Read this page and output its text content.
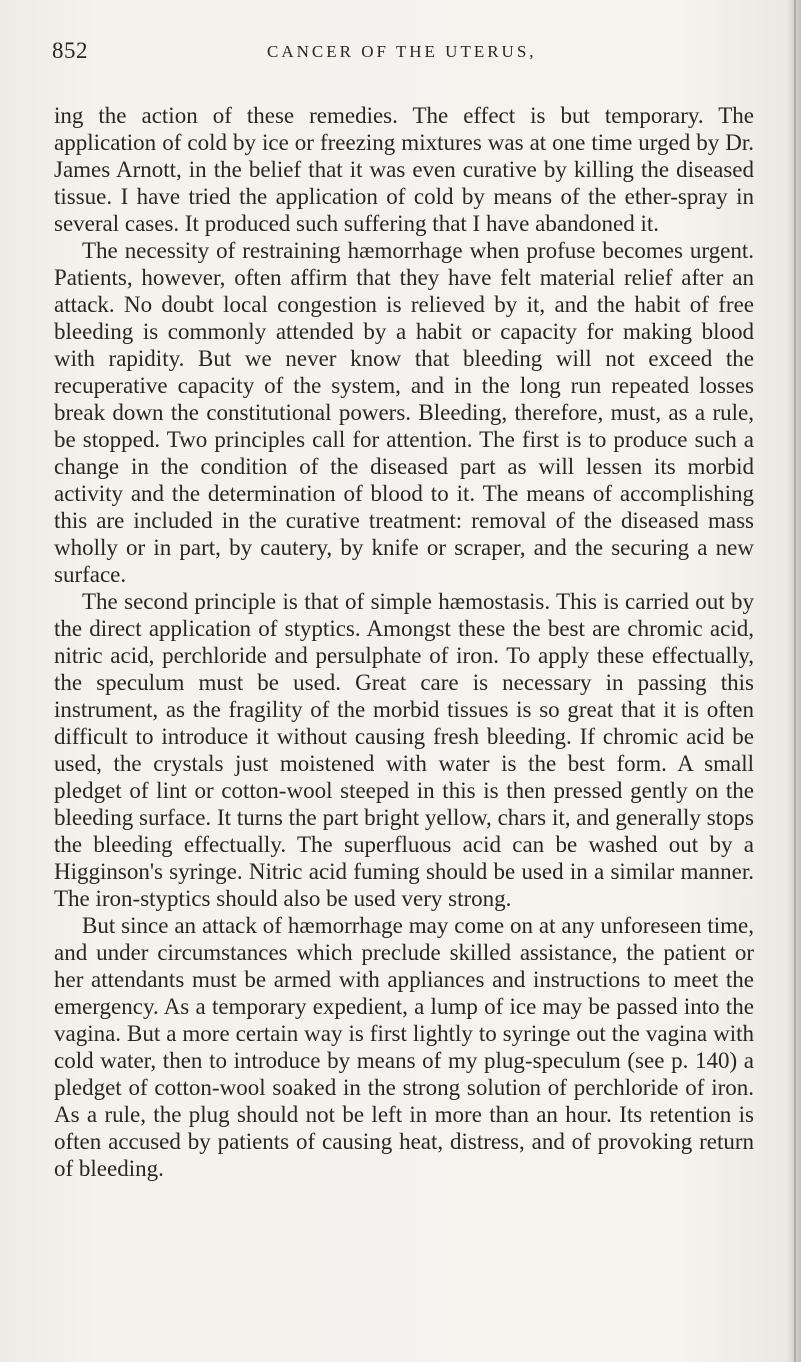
852	CANCER OF THE UTERUS,

ing the action of these remedies. The effect is but temporary. The application of cold by ice or freezing mixtures was at one time urged by Dr. James Arnott, in the belief that it was even curative by killing the diseased tissue. I have tried the application of cold by means of the ether-spray in several cases. It produced such suffering that I have abandoned it.

The necessity of restraining hæmorrhage when profuse becomes urgent. Patients, however, often affirm that they have felt material relief after an attack. No doubt local congestion is relieved by it, and the habit of free bleeding is commonly attended by a habit or capacity for making blood with rapidity. But we never know that bleeding will not exceed the recuperative capacity of the system, and in the long run repeated losses break down the constitutional powers. Bleeding, therefore, must, as a rule, be stopped. Two principles call for attention. The first is to produce such a change in the condition of the diseased part as will lessen its morbid activity and the determination of blood to it. The means of accomplishing this are included in the curative treatment: removal of the diseased mass wholly or in part, by cautery, by knife or scraper, and the securing a new surface.

The second principle is that of simple hæmostasis. This is carried out by the direct application of styptics. Amongst these the best are chromic acid, nitric acid, perchloride and persulphate of iron. To apply these effectually, the speculum must be used. Great care is necessary in passing this instrument, as the fragility of the morbid tissues is so great that it is often difficult to introduce it without causing fresh bleeding. If chromic acid be used, the crystals just moistened with water is the best form. A small pledget of lint or cotton-wool steeped in this is then pressed gently on the bleeding surface. It turns the part bright yellow, chars it, and generally stops the bleeding effectually. The superfluous acid can be washed out by a Higginson's syringe. Nitric acid fuming should be used in a similar manner. The iron-styptics should also be used very strong.

But since an attack of hæmorrhage may come on at any unforeseen time, and under circumstances which preclude skilled assistance, the patient or her attendants must be armed with appliances and instructions to meet the emergency. As a temporary expedient, a lump of ice may be passed into the vagina. But a more certain way is first lightly to syringe out the vagina with cold water, then to introduce by means of my plug-speculum (see p. 140) a pledget of cotton-wool soaked in the strong solution of perchloride of iron. As a rule, the plug should not be left in more than an hour. Its retention is often accused by patients of causing heat, distress, and of provoking return of bleeding.
